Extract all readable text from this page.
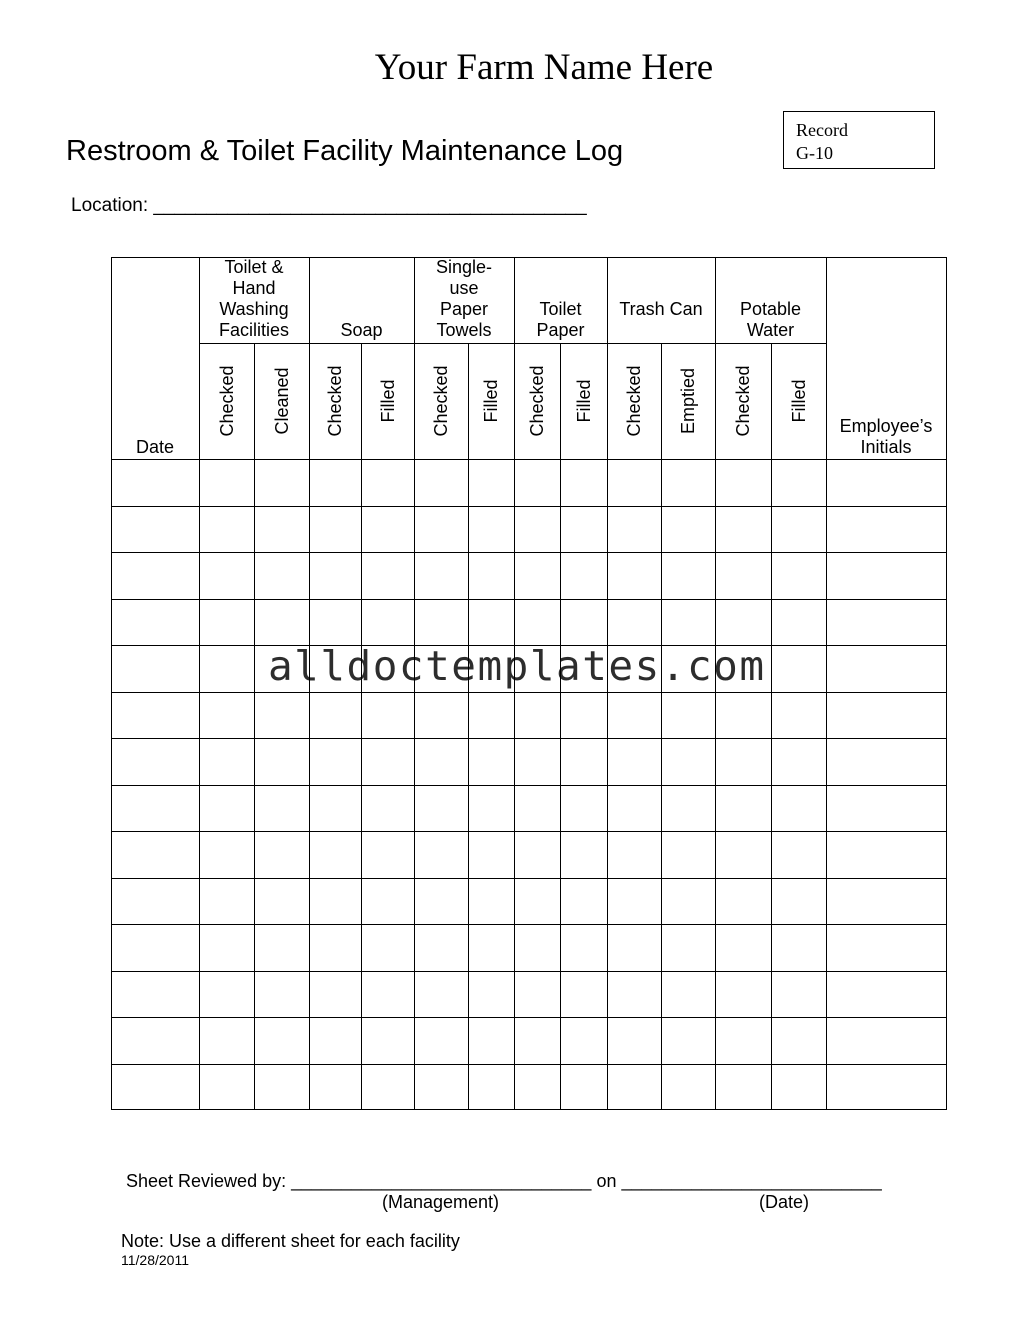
Your Farm Name Here
Restroom & Toilet Facility Maintenance Log
Record
G-10
Location: _________________________________________
Date
Employee’s Initials
Toilet & Hand Washing Facilities
Checked Cleaned
Soap
Checked Filled
Single-use Paper Towels
Checked Filled
Toilet Paper
Checked Filled
Trash Can
Checked Emptied
Potable Water
Checked Filled
alldoctemplates.com
Sheet Reviewed by: ______________________________ on __________________________
(Management)	(Date)
Note: Use a different sheet for each facility
11/28/2011
